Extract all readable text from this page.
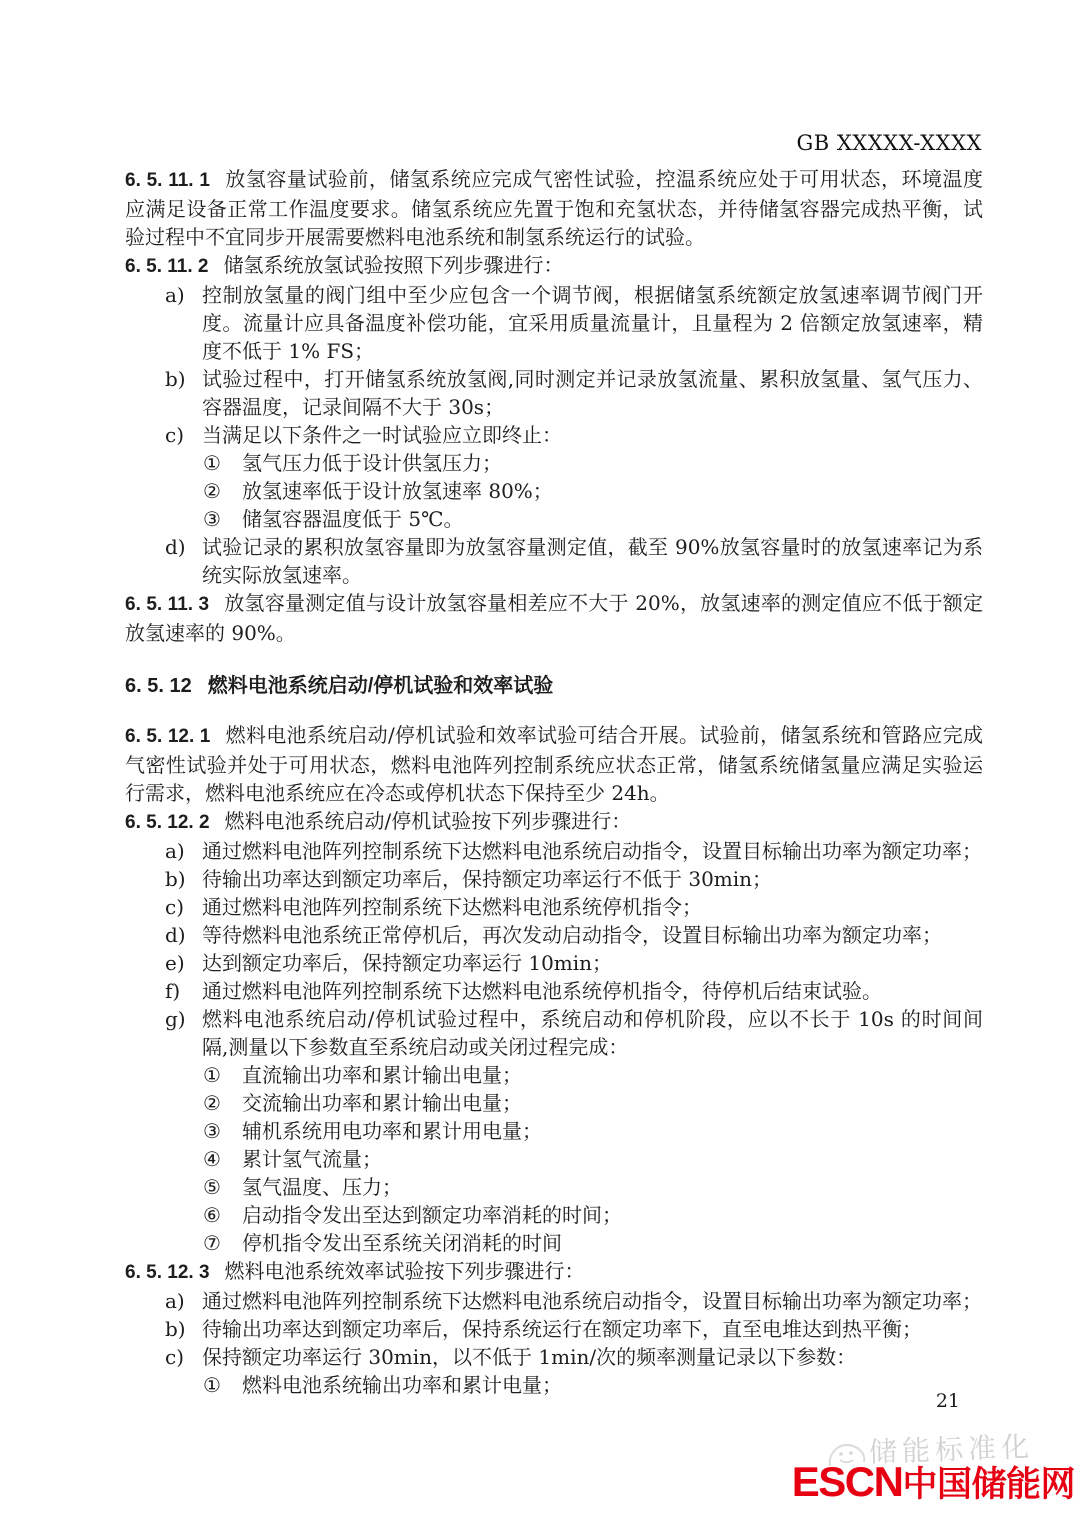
GB XXXXX-XXXX
6. 5. 11. 1 放氢容量试验前，储氢系统应完成气密性试验，控温系统应处于可用状态，环境温度应满足设备正常工作温度要求。储氢系统应先置于饱和充氢状态，并待储氢容器完成热平衡，试验过程中不宜同步开展需要燃料电池系统和制氢系统运行的试验。
6. 5. 11. 2 储氢系统放氢试验按照下列步骤进行：
a) 控制放氢量的阀门组中至少应包含一个调节阀，根据储氢系统额定放氢速率调节阀门开度。流量计应具备温度补偿功能，宜采用质量流量计，且量程为 2 倍额定放氢速率，精度不低于 1% FS；
b) 试验过程中，打开储氢系统放氢阀,同时测定并记录放氢流量、累积放氢量、氢气压力、容器温度，记录间隔不大于 30s；
c) 当满足以下条件之一时试验应立即终止：
①	氢气压力低于设计供氢压力；
②	放氢速率低于设计放氢速率 80%；
③	储氢容器温度低于 5℃。
d) 试验记录的累积放氢容量即为放氢容量测定值，截至 90%放氢容量时的放氢速率记为系统实际放氢速率。
6. 5. 11. 3 放氢容量测定值与设计放氢容量相差应不大于 20%，放氢速率的测定值应不低于额定放氢速率的 90%。
6. 5. 12 燃料电池系统启动/停机试验和效率试验
6. 5. 12. 1 燃料电池系统启动/停机试验和效率试验可结合开展。试验前，储氢系统和管路应完成气密性试验并处于可用状态，燃料电池阵列控制系统应状态正常，储氢系统储氢量应满足实验运行需求，燃料电池系统应在冷态或停机状态下保持至少 24h。
6. 5. 12. 2 燃料电池系统启动/停机试验按下列步骤进行：
a) 通过燃料电池阵列控制系统下达燃料电池系统启动指令，设置目标输出功率为额定功率；
b) 待输出功率达到额定功率后，保持额定功率运行不低于 30min；
c) 通过燃料电池阵列控制系统下达燃料电池系统停机指令；
d) 等待燃料电池系统正常停机后，再次发动启动指令，设置目标输出功率为额定功率；
e) 达到额定功率后，保持额定功率运行 10min；
f)	通过燃料电池阵列控制系统下达燃料电池系统停机指令，待停机后结束试验。
g) 燃料电池系统启动/停机试验过程中，系统启动和停机阶段，应以不长于 10s 的时间间隔,测量以下参数直至系统启动或关闭过程完成：
①	直流输出功率和累计输出电量；
②	交流输出功率和累计输出电量；
③	辅机系统用电功率和累计用电量；
④	累计氢气流量；
⑤	氢气温度、压力；
⑥	启动指令发出至达到额定功率消耗的时间；
⑦	停机指令发出至系统关闭消耗的时间
6. 5. 12. 3 燃料电池系统效率试验按下列步骤进行：
a) 通过燃料电池阵列控制系统下达燃料电池系统启动指令，设置目标输出功率为额定功率；
b) 待输出功率达到额定功率后，保持系统运行在额定功率下，直至电堆达到热平衡；
c) 保持额定功率运行 30min，以不低于 1min/次的频率测量记录以下参数：
①	燃料电池系统输出功率和累计电量；
21
储能标准化
ESCN 中国储能网
